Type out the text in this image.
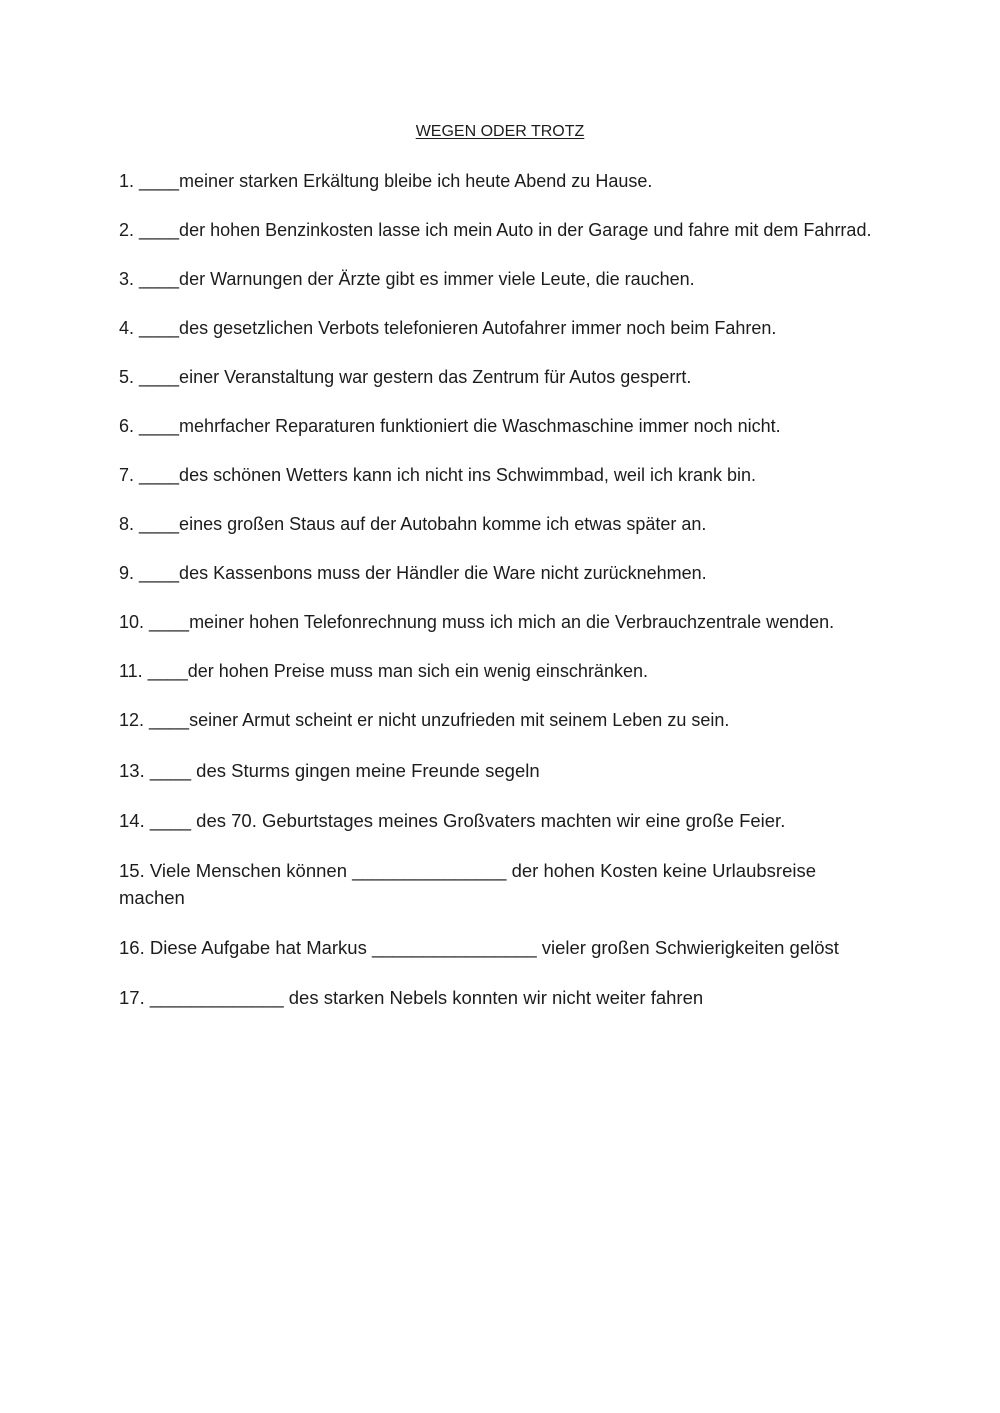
WEGEN ODER TROTZ
1. ____meiner starken Erkältung bleibe ich heute Abend zu Hause.
2. ____der hohen Benzinkosten lasse ich mein Auto in der Garage und fahre mit dem Fahrrad.
3. ____der Warnungen der Ärzte gibt es immer viele Leute, die rauchen.
4. ____des gesetzlichen Verbots telefonieren Autofahrer immer noch beim Fahren.
5. ____einer Veranstaltung war gestern das Zentrum für Autos gesperrt.
6. ____mehrfacher Reparaturen funktioniert die Waschmaschine immer noch nicht.
7. ____des schönen Wetters kann ich nicht ins Schwimmbad, weil ich krank bin.
8. ____eines großen Staus auf der Autobahn komme ich etwas später an.
9. ____des Kassenbons muss der Händler die Ware nicht zurücknehmen.
10. ____meiner hohen Telefonrechnung muss ich mich an die Verbrauchzentrale wenden.
11. ____der hohen Preise muss man sich ein wenig einschränken.
12. ____seiner Armut scheint er nicht unzufrieden mit seinem Leben zu sein.
13. ____ des Sturms gingen meine Freunde segeln
14. ____ des 70. Geburtstages meines Großvaters machten wir eine große Feier.
15. Viele Menschen können _______________ der hohen Kosten keine Urlaubsreise machen
16. Diese Aufgabe hat Markus ________________ vieler großen Schwierigkeiten gelöst
17. _____________ des starken Nebels konnten wir nicht weiter fahren
